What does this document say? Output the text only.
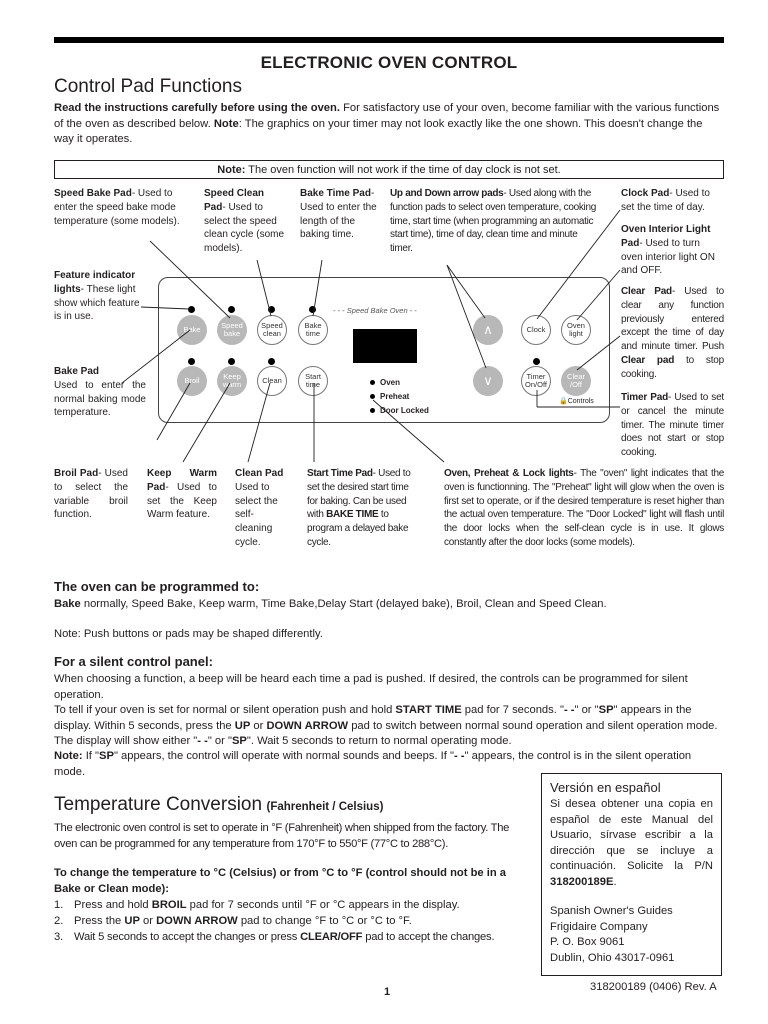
ELECTRONIC OVEN CONTROL
Control Pad Functions
Read the instructions carefully before using the oven. For satisfactory use of your oven, become familiar with the various functions of the oven as described below. Note: The graphics on your timer may not look exactly like the one shown. This doesn't change the way it operates.
Note: The oven function will not work if the time of day clock is not set.
Speed Bake Pad- Used to enter the speed bake mode temperature (some models).
Speed Clean Pad- Used to select the speed clean cycle (some models).
Bake Time Pad- Used to enter the length of the baking time.
Up and Down arrow pads- Used along with the function pads to select oven temperature, cooking time, start time (when programming an automatic start time), time of day, clean time and minute timer.
Clock Pad- Used to set the time of day.
Oven Interior Light Pad- Used to turn oven interior light ON and OFF.
Feature indicator lights- These light show which feature is in use.
Clear Pad- Used to clear any function previously entered except the time of day and minute timer. Push Clear pad to stop cooking.
Timer Pad- Used to set or cancel the minute timer. The minute timer does not start or stop cooking.
Bake Pad
Used to enter the normal baking mode temperature.
Broil Pad- Used to select the variable broil function.
Keep Warm Pad- Used to set the Keep Warm feature.
Clean Pad
Used to select the self-cleaning cycle.
Start Time Pad- Used to set the desired start time for baking. Can be used with BAKE TIME to program a delayed bake cycle.
Oven, Preheat & Lock lights- The "oven" light indicates that the oven is functionning. The "Preheat" light will glow when the oven is first set to operate, or if the desired temperature is reset higher than the actual oven temperature. The "Door Locked" light will flash until the door locks when the self-clean cycle is in use. It glows constantly after the door locks (some models).
- - - Speed Bake Oven - -
Bake	Speed bake
Speed clean
Bake time
Broil	Keep warm	Clean	Start time
∧
∨
Clock	Oven light
Timer On/Off
Clear /Off
Oven
Preheat
Door Locked
🔒Controls
The oven can be programmed to:
Bake normally, Speed Bake, Keep warm, Time Bake,Delay Start (delayed bake), Broil, Clean and Speed Clean.
Note: Push buttons or pads may be shaped differently.
For a silent control panel:
When choosing a function, a beep will be heard each time a pad is pushed. If desired, the controls can be programmed for silent operation.
To tell if your oven is set for normal or silent operation push and hold START TIME pad for 7 seconds. "- -" or "SP" appears in the display. Within 5 seconds, press the UP or DOWN ARROW pad to switch between normal sound operation and silent operation mode. The display will show either "- -" or "SP". Wait 5 seconds to return to normal operating mode.
Note: If "SP" appears, the control will operate with normal sounds and beeps. If "- -" appears, the control is in the silent operation mode.
Temperature Conversion (Fahrenheit / Celsius)
The electronic oven control is set to operate in °F (Fahrenheit) when shipped from the factory. The oven can be programmed for any temperature from 170°F to 550°F (77°C to 288°C).
To change the temperature to °C (Celsius) or from °C to °F (control should not be in a Bake or Clean mode):
1. Press and hold BROIL pad for 7 seconds until °F or °C appears in the display.
2. Press the UP or DOWN ARROW pad to change °F to °C or °C to °F.
3. Wait 5 seconds to accept the changes or press CLEAR/OFF pad to accept the changes.
Versión en español
Si desea obtener una copia en español de este Manual del Usuario, sírvase escribir a la dirección que se incluye a continuación. Solicite la P/N 318200189E.
Spanish Owner's Guides
Frigidaire Company
P. O. Box 9061
Dublin, Ohio 43017-0961
1	318200189 (0406) Rev. A
